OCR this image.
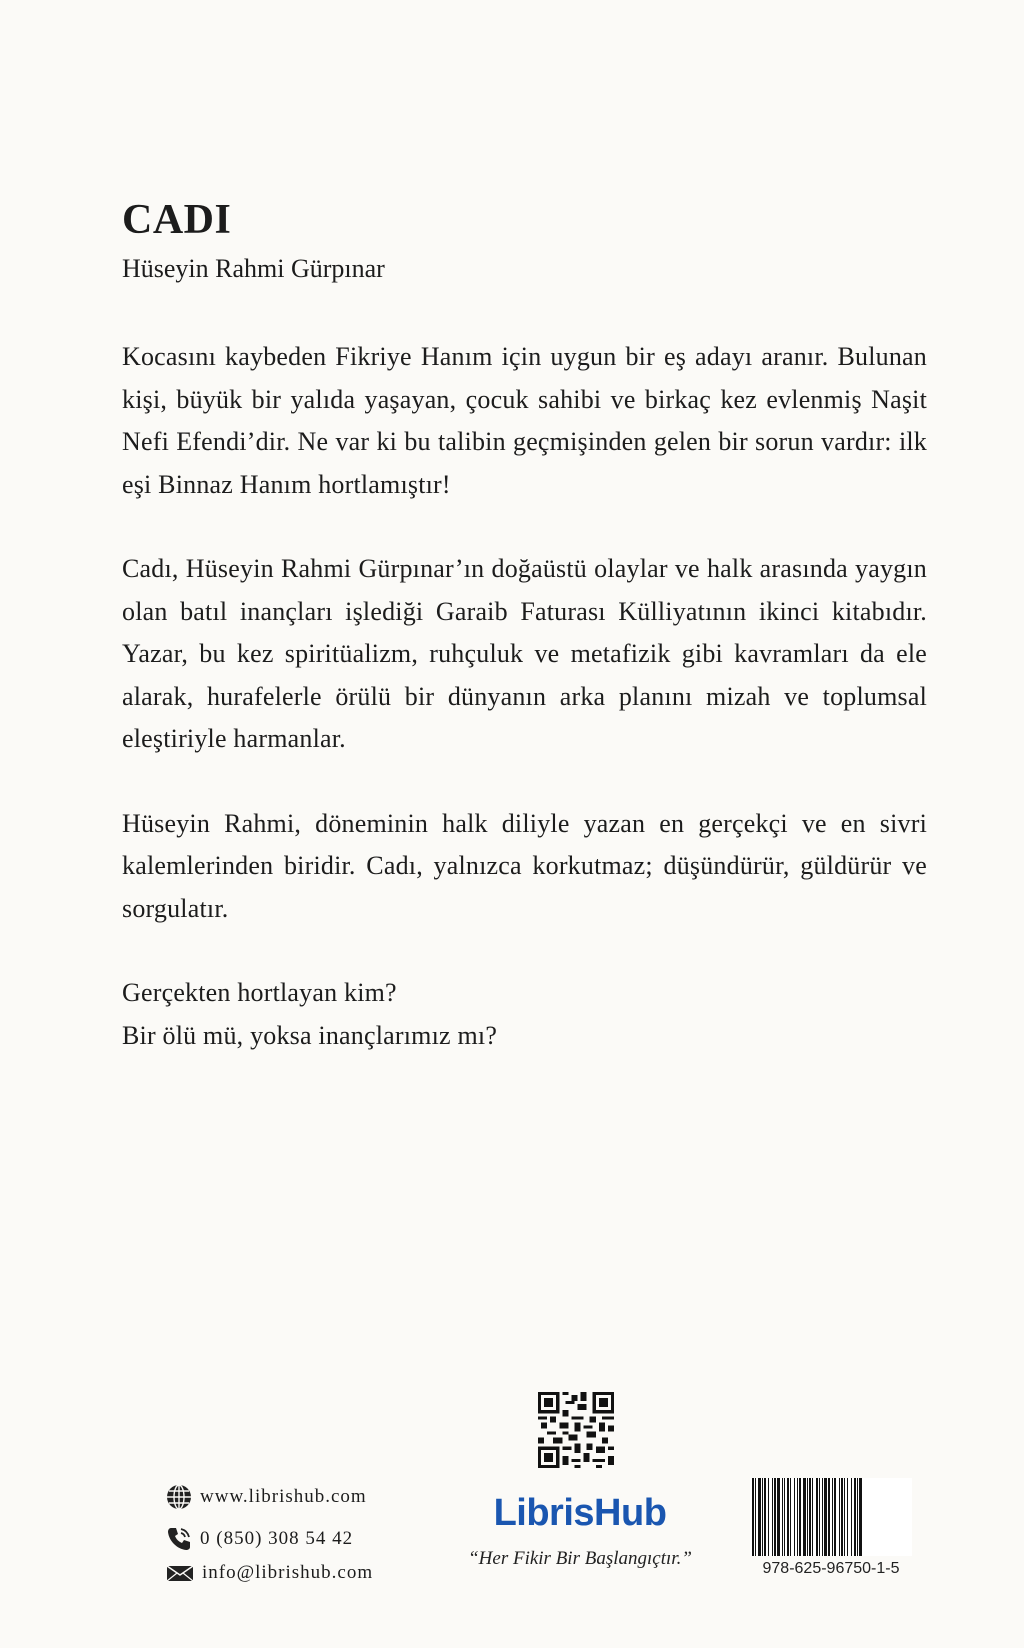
CADI
Hüseyin Rahmi Gürpınar

Kocasını kaybeden Fikriye Hanım için uygun bir eş adayı aranır. Bulunan kişi, büyük bir yalıda yaşayan, çocuk sahibi ve birkaç kez evlenmiş Naşit Nefi Efendi’dir. Ne var ki bu talibin geçmişinden gelen bir sorun vardır: ilk eşi Binnaz Hanım hortlamıştır!

Cadı, Hüseyin Rahmi Gürpınar’ın doğaüstü olaylar ve halk arasında yaygın olan batıl inançları işlediği Garaib Faturası Külliyatının ikinci kitabıdır. Yazar, bu kez spiritüalizm, ruhçuluk ve metafizik gibi kavramları da ele alarak, hurafelerle örülü bir dünyanın arka planını mizah ve toplumsal eleştiriyle harmanlar.

Hüseyin Rahmi, döneminin halk diliyle yazan en gerçekçi ve en sivri kalemlerinden biridir. Cadı, yalnızca korkutmaz; düşündürür, güldürür ve sorgulatır.

Gerçekten hortlayan kim?
Bir ölü mü, yoksa inançlarımız mı?
www.librishub.com
0 (850) 308 54 42
info@librishub.com
LibrisHub
“Her Fikir Bir Başlangıçtır.”	978-625-96750-1-5
